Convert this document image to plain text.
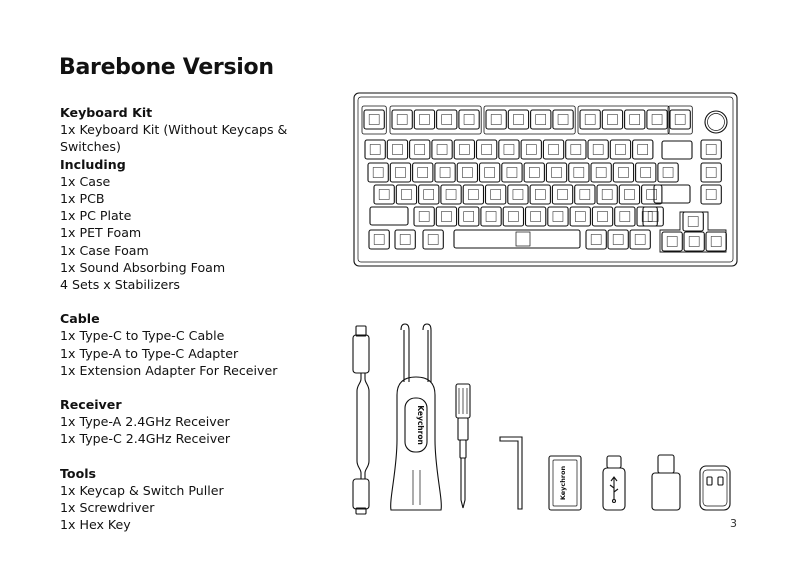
Barebone Version
Keyboard Kit
1x Keyboard Kit (Without Keycaps & Switches)
Including
1x Case
1x PCB
1x PC Plate
1x PET Foam
1x Case Foam
1x Sound Absorbing Foam
4 Sets x Stabilizers
Cable
1x Type-C to Type-C Cable
1x Type-A to Type-C Adapter
1x Extension Adapter For Receiver
Receiver
1x Type-A 2.4GHz Receiver
1x Type-C 2.4GHz Receiver
Tools
1x Keycap & Switch Puller
1x Screwdriver
1x Hex Key
Keychron
Keychron
3
